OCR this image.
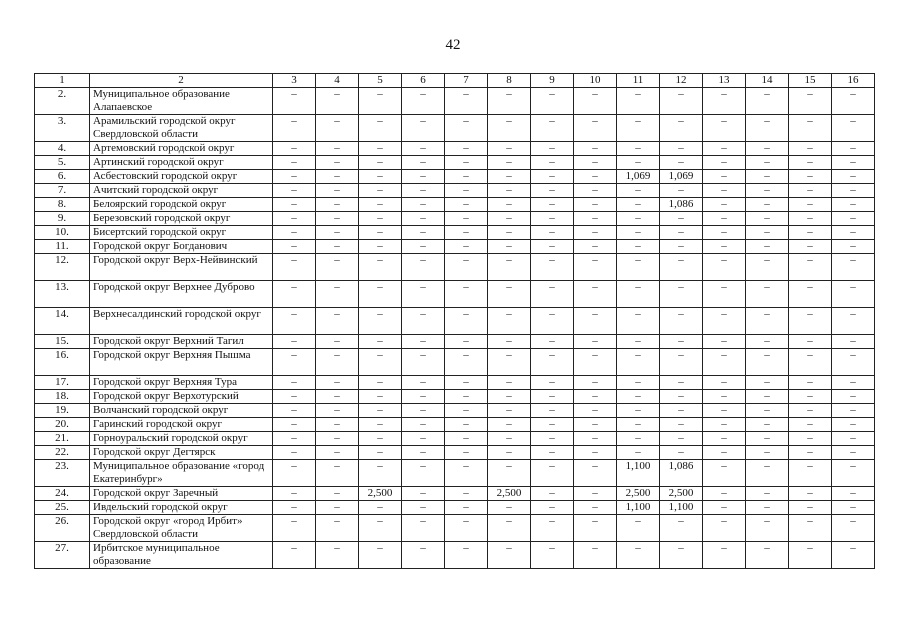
42
1	2	3	4	5	6	7	8	9	10	11	12	13	14	15	16
2.	Муниципальное образование Алапаевское	–	–	–	–	–	–	–	–	–	–	–	–	–	–
3.	Арамильский городской округ Свердловской области	–	–	–	–	–	–	–	–	–	–	–	–	–	–
4.	Артемовский городской округ	–	–	–	–	–	–	–	–	–	–	–	–	–	–
5.	Артинский городской округ	–	–	–	–	–	–	–	–	–	–	–	–	–	–
6.	Асбестовский городской округ	–	–	–	–	–	–	–	–	1,069	1,069	–	–	–	–
7.	Ачитский городской округ	–	–	–	–	–	–	–	–	–	–	–	–	–	–
8.	Белоярский городской округ	–	–	–	–	–	–	–	–	–	1,086	–	–	–	–
9.	Березовский городской округ	–	–	–	–	–	–	–	–	–	–	–	–	–	–
10.	Бисертский городской округ	–	–	–	–	–	–	–	–	–	–	–	–	–	–
11.	Городской округ Богданович	–	–	–	–	–	–	–	–	–	–	–	–	–	–
12.	Городской округ Верх-Нейвинский	–	–	–	–	–	–	–	–	–	–	–	–	–	–
13.	Городской округ Верхнее Дуброво	–	–	–	–	–	–	–	–	–	–	–	–	–	–
14.	Верхнесалдинский городской округ	–	–	–	–	–	–	–	–	–	–	–	–	–	–
15.	Городской округ Верхний Тагил	–	–	–	–	–	–	–	–	–	–	–	–	–	–
16.	Городской округ Верхняя Пышма	–	–	–	–	–	–	–	–	–	–	–	–	–	–
17.	Городской округ Верхняя Тура	–	–	–	–	–	–	–	–	–	–	–	–	–	–
18.	Городской округ Верхотурский	–	–	–	–	–	–	–	–	–	–	–	–	–	–
19.	Волчанский городской округ	–	–	–	–	–	–	–	–	–	–	–	–	–	–
20.	Гаринский городской округ	–	–	–	–	–	–	–	–	–	–	–	–	–	–
21.	Горноуральский городской округ	–	–	–	–	–	–	–	–	–	–	–	–	–	–
22.	Городской округ Дегтярск	–	–	–	–	–	–	–	–	–	–	–	–	–	–
23.	Муниципальное образование «город Екатеринбург»	–	–	–	–	–	–	–	–	1,100	1,086	–	–	–	–
24.	Городской округ Заречный	–	–	2,500	–	–	2,500	–	–	2,500	2,500	–	–	–	–
25.	Ивдельский городской округ	–	–	–	–	–	–	–	–	1,100	1,100	–	–	–	–
26.	Городской округ «город Ирбит» Свердловской области	–	–	–	–	–	–	–	–	–	–	–	–	–	–
27.	Ирбитское муниципальное образование	–	–	–	–	–	–	–	–	–	–	–	–	–	–
